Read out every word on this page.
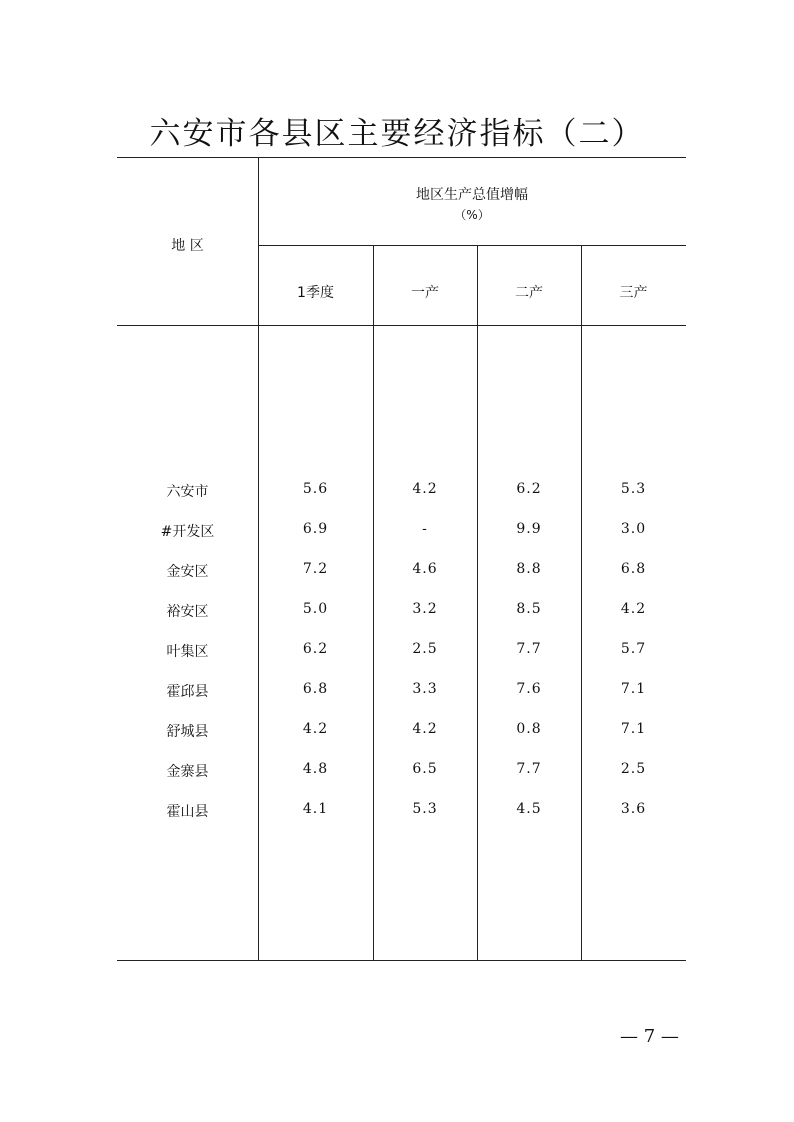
六安市各县区主要经济指标（二）
地 区
地区生产总值增幅
（%）
1季度	一产	二产	三产
六安市	5.6	4.2	6.2	5.3
#开发区	6.9	-	9.9	3.0
金安区	7.2	4.6	8.8	6.8
裕安区	5.0	3.2	8.5	4.2
叶集区	6.2	2.5	7.7	5.7
霍邱县	6.8	3.3	7.6	7.1
舒城县	4.2	4.2	0.8	7.1
金寨县	4.8	6.5	7.7	2.5
霍山县	4.1	5.3	4.5	3.6
— 7 —
